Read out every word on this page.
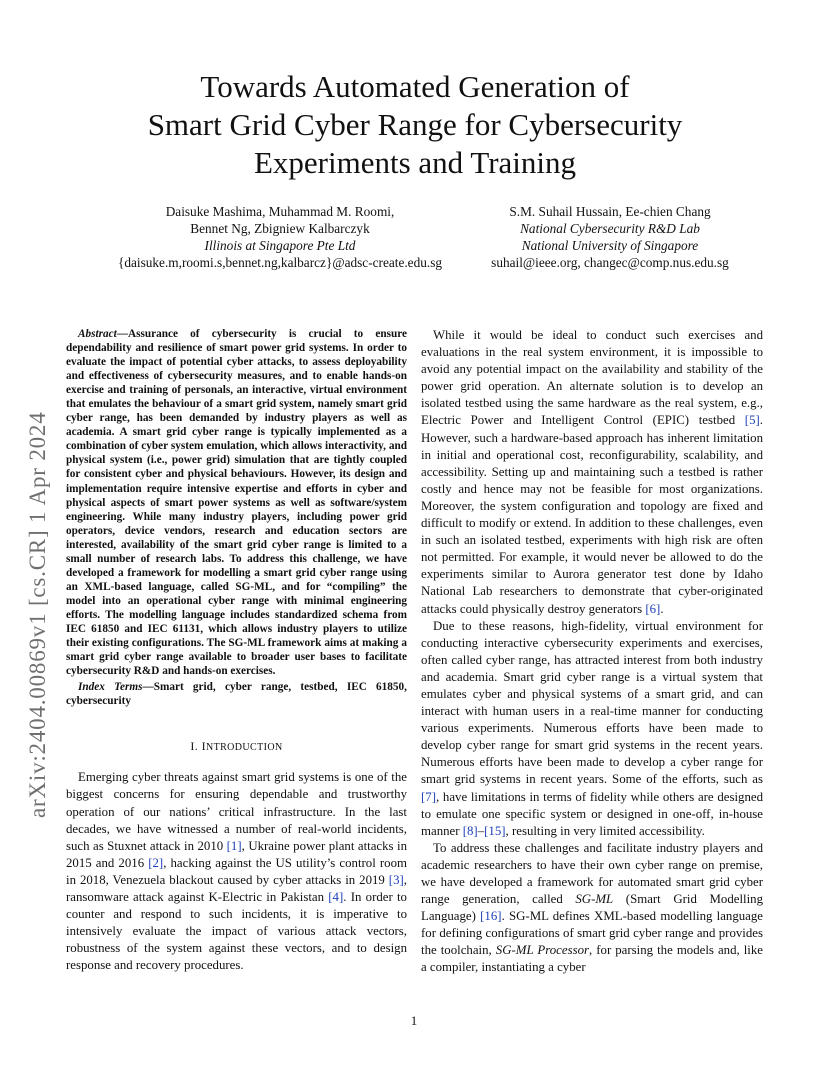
arXiv:2404.00869v1 [cs.CR] 1 Apr 2024
Towards Automated Generation of
Smart Grid Cyber Range for Cybersecurity
Experiments and Training
Daisuke Mashima, Muhammad M. Roomi,
Bennet Ng, Zbigniew Kalbarczyk
Illinois at Singapore Pte Ltd
{daisuke.m,roomi.s,bennet.ng,kalbarcz}@adsc-create.edu.sg
S.M. Suhail Hussain, Ee-chien Chang
National Cybersecurity R&D Lab
National University of Singapore
suhail@ieee.org, changec@comp.nus.edu.sg

Abstract—Assurance of cybersecurity is crucial to ensure dependability and resilience of smart power grid systems. In order to evaluate the impact of potential cyber attacks, to assess deployability and effectiveness of cybersecurity measures, and to enable hands-on exercise and training of personals, an interactive, virtual environment that emulates the behaviour of a smart grid system, namely smart grid cyber range, has been demanded by industry players as well as academia. A smart grid cyber range is typically implemented as a combination of cyber system emulation, which allows interactivity, and physical system (i.e., power grid) simulation that are tightly coupled for consistent cyber and physical behaviours. However, its design and implementation require intensive expertise and efforts in cyber and physical aspects of smart power systems as well as software/system engineering. While many industry players, including power grid operators, device vendors, research and education sectors are interested, availability of the smart grid cyber range is limited to a small number of research labs. To address this challenge, we have developed a framework for modelling a smart grid cyber range using an XML-based language, called SG-ML, and for “compiling” the model into an operational cyber range with minimal engineering efforts. The modelling language includes standardized schema from IEC 61850 and IEC 61131, which allows industry players to utilize their existing configurations. The SG-ML framework aims at making a smart grid cyber range available to broader user bases to facilitate cybersecurity R&D and hands-on exercises.

Index Terms—Smart grid, cyber range, testbed, IEC 61850, cybersecurity

I. INTRODUCTION

Emerging cyber threats against smart grid systems is one of the biggest concerns for ensuring dependable and trustworthy operation of our nations’ critical infrastructure. In the last decades, we have witnessed a number of real-world incidents, such as Stuxnet attack in 2010 [1], Ukraine power plant attacks in 2015 and 2016 [2], hacking against the US utility’s control room in 2018, Venezuela blackout caused by cyber attacks in 2019 [3], ransomware attack against K-Electric in Pakistan [4]. In order to counter and respond to such incidents, it is imperative to intensively evaluate the impact of various attack vectors, robustness of the system against these vectors, and to design response and recovery procedures.

While it would be ideal to conduct such exercises and evaluations in the real system environment, it is impossible to avoid any potential impact on the availability and stability of the power grid operation. An alternate solution is to develop an isolated testbed using the same hardware as the real system, e.g., Electric Power and Intelligent Control (EPIC) testbed [5]. However, such a hardware-based approach has inherent limitation in initial and operational cost, reconfigurability, scalability, and accessibility. Setting up and maintaining such a testbed is rather costly and hence may not be feasible for most organizations. Moreover, the system configuration and topology are fixed and difficult to modify or extend. In addition to these challenges, even in such an isolated testbed, experiments with high risk are often not permitted. For example, it would never be allowed to do the experiments similar to Aurora generator test done by Idaho National Lab researchers to demonstrate that cyber-originated attacks could physically destroy generators [6].

Due to these reasons, high-fidelity, virtual environment for conducting interactive cybersecurity experiments and exercises, often called cyber range, has attracted interest from both industry and academia. Smart grid cyber range is a virtual system that emulates cyber and physical systems of a smart grid, and can interact with human users in a real-time manner for conducting various experiments. Numerous efforts have been made to develop cyber range for smart grid systems in the recent years. Numerous efforts have been made to develop a cyber range for smart grid systems in recent years. Some of the efforts, such as [7], have limitations in terms of fidelity while others are designed to emulate one specific system or designed in one-off, in-house manner [8]–[15], resulting in very limited accessibility.

To address these challenges and facilitate industry players and academic researchers to have their own cyber range on premise, we have developed a framework for automated smart grid cyber range generation, called SG-ML (Smart Grid Modelling Language) [16]. SG-ML defines XML-based modelling language for defining configurations of smart grid cyber range and provides the toolchain, SG-ML Processor, for parsing the models and, like a compiler, instantiating a cyber

1
